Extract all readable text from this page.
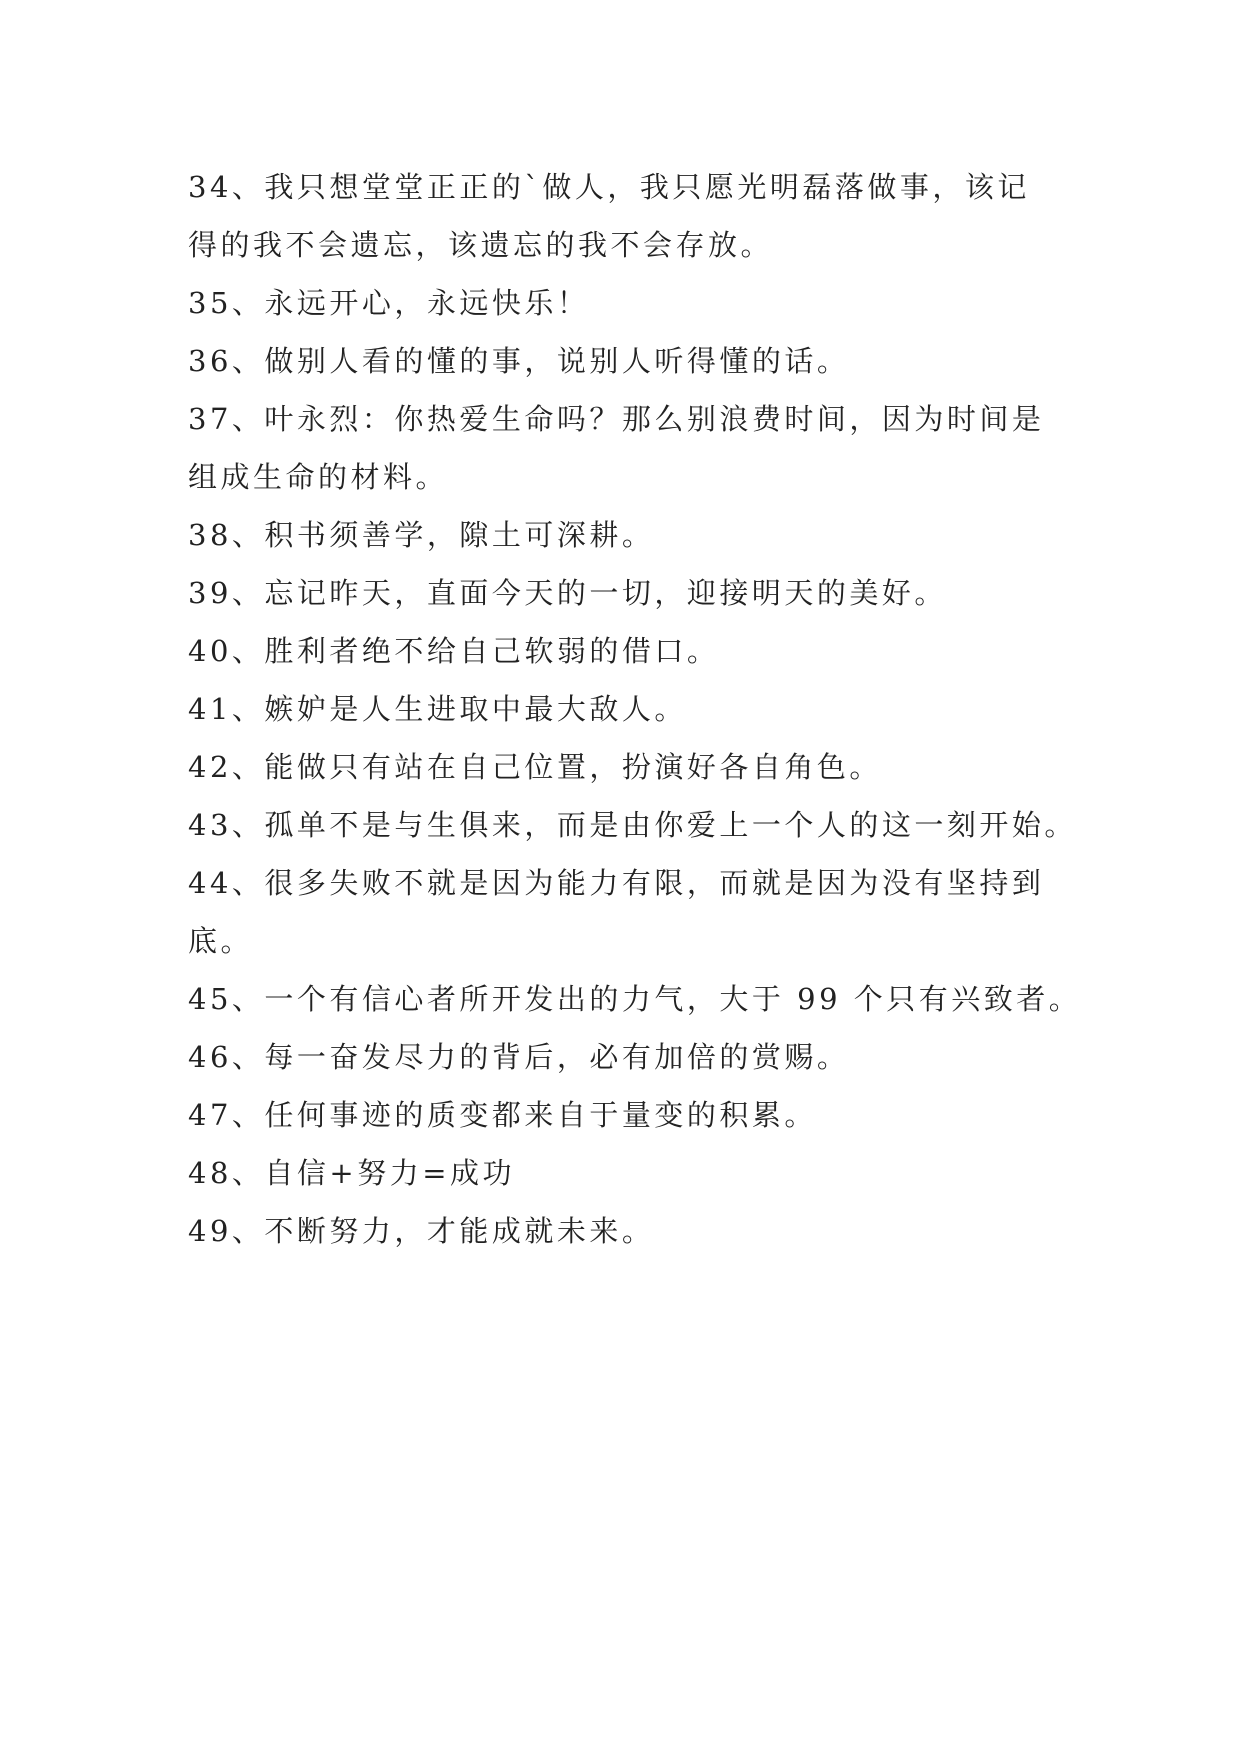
34、我只想堂堂正正的`做人，我只愿光明磊落做事，该记
得的我不会遗忘，该遗忘的我不会存放。
35、永远开心，永远快乐！
36、做别人看的懂的事，说别人听得懂的话。
37、叶永烈：你热爱生命吗？那么别浪费时间，因为时间是
组成生命的材料。
38、积书须善学，隙土可深耕。
39、忘记昨天，直面今天的一切，迎接明天的美好。
40、胜利者绝不给自己软弱的借口。
41、嫉妒是人生进取中最大敌人。
42、能做只有站在自己位置，扮演好各自角色。
43、孤单不是与生俱来，而是由你爱上一个人的这一刻开始。
44、很多失败不就是因为能力有限，而就是因为没有坚持到
底。
45、一个有信心者所开发出的力气，大于 99 个只有兴致者。
46、每一奋发尽力的背后，必有加倍的赏赐。
47、任何事迹的质变都来自于量变的积累。
48、自信+努力=成功
49、不断努力，才能成就未来。
